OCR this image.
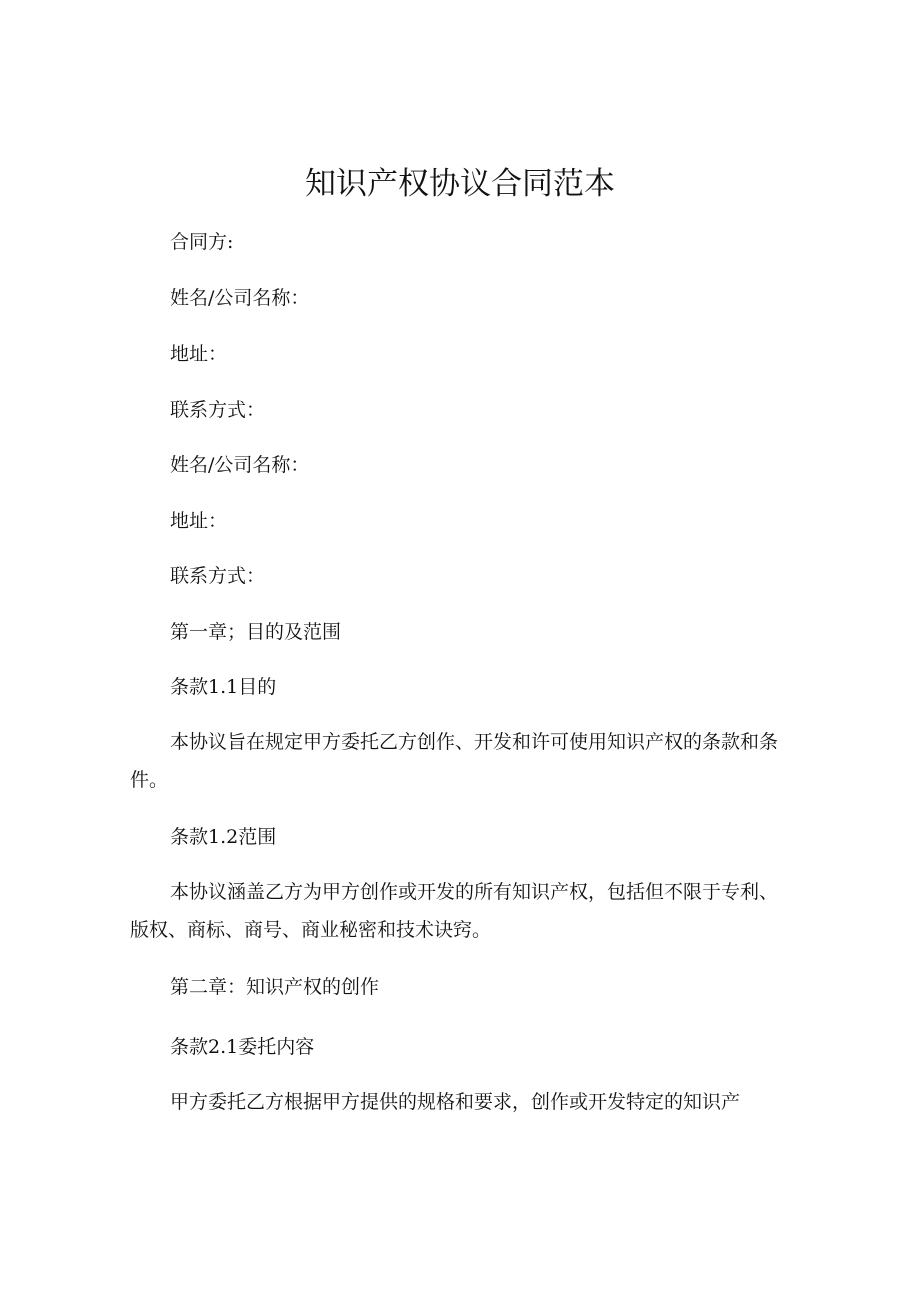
知识产权协议合同范本
合同方:
姓名/公司名称：
地址：
联系方式：
姓名/公司名称：
地址：
联系方式：
第一章；目的及范围
条款1.1目的

本协议旨在规定甲方委托乙方创作、开发和许可使用知识产权的条款和条件。

条款1.2范围

本协议涵盖乙方为甲方创作或开发的所有知识产权，包括但不限于专利、版权、商标、商号、商业秘密和技术诀窍。

第二章：知识产权的创作
条款2.1委托内容

甲方委托乙方根据甲方提供的规格和要求，创作或开发特定的知识产
